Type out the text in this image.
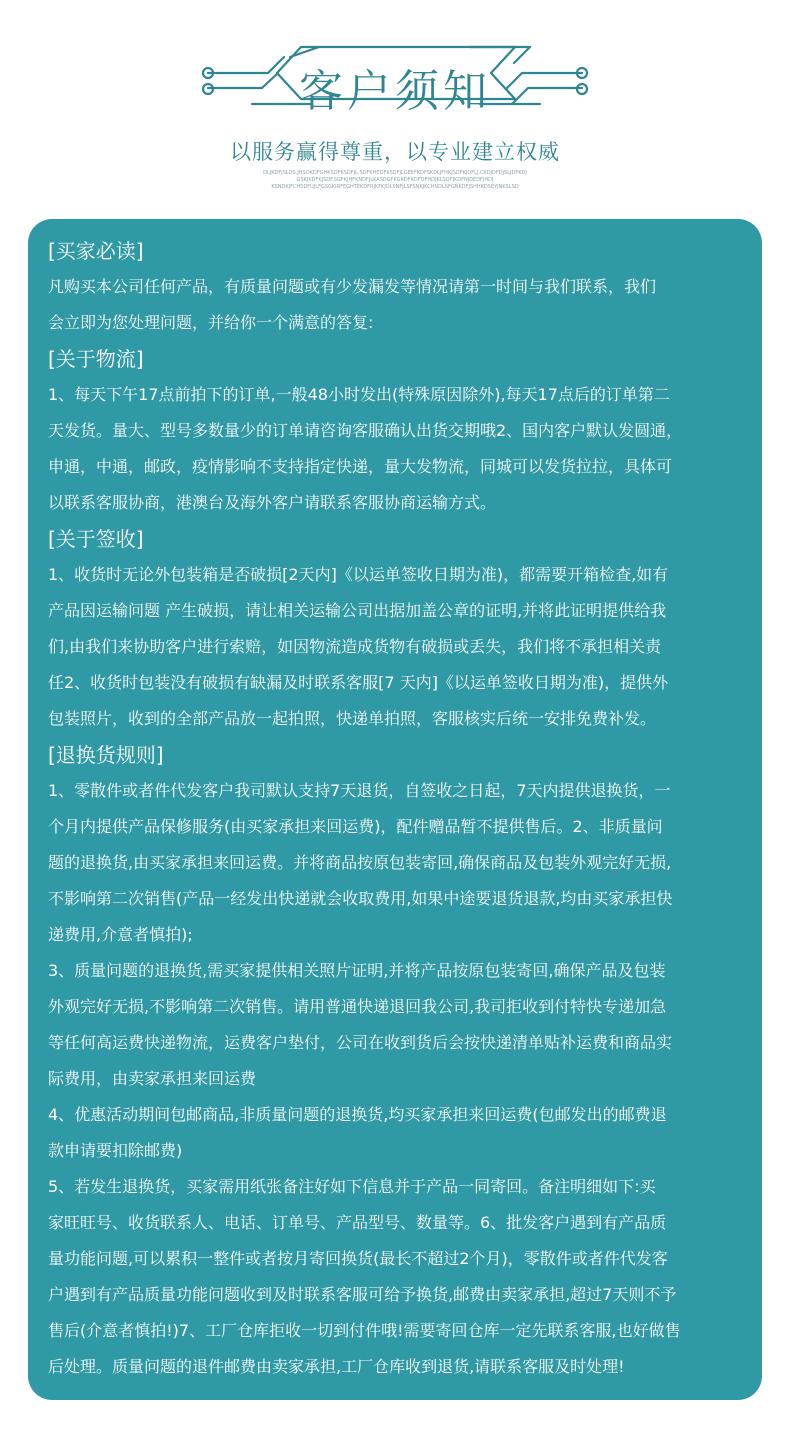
客户须知
以服务赢得尊重，以专业建立权威
DLJKDFJSLDS.JHSOKDFGHKSDFKSDFJL.SDFKHEDFKSDFJLGEEFKDFSKDLJFHKJSDFKJDFLJ.CKDJDFDJSLJDFKDJ
GSKJKDFKJSDF.SGFKJHFKNDFJLKASDGFKGKDFKDFDFHDJKLSOFJKDFNJDEDFJHDJ
KSNDKJFCHSDFUJLFGSGKIRFEGHTEKDFRJKFKJDLSNFJLSFSNKJKCHNDLSFGNKDFJSHHKDSEYJNKSLSD
[买家必读]
凡购买本公司任何产品，有质量问题或有少发漏发等情况请第一时间与我们联系，我们
会立即为您处理问题，并给你一个满意的答复:
[关于物流]
1、每天下午17点前拍下的订单,一般48小时发出(特殊原因除外),每天17点后的订单第二
天发货。量大、型号多数量少的订单请咨询客服确认出货交期哦2、国内客户默认发圆通，
申通，中通，邮政，疫情影响不支持指定快递，量大发物流，同城可以发货拉拉，具体可
以联系客服协商，港澳台及海外客户请联系客服协商运输方式。
[关于签收]
1、收货时无论外包装箱是否破损[2天内]《以运单签收日期为准)，都需要开箱检查,如有
产品因运输问题 产生破损，请让相关运输公司出据加盖公章的证明,并将此证明提供给我
们,由我们来协助客户进行索赔，如因物流造成货物有破损或丢失，我们将不承担相关责
任2、收货时包装没有破损有缺漏及时联系客服[7 天内]《以运单签收日期为准)，提供外
包装照片，收到的全部产品放一起拍照，快递单拍照，客服核实后统一安排免费补发。
[退换货规则]
1、零散件或者件代发客户我司默认支持7天退货，自签收之日起，7天内提供退换货，一
个月内提供产品保修服务(由买家承担来回运费)，配件赠品暂不提供售后。2、非质量问
题的退换货,由买家承担来回运费。并将商品按原包装寄回,确保商品及包装外观完好无损,
不影响第二次销售(产品一经发出快递就会收取费用,如果中途要退货退款,均由买家承担快
递费用,介意者慎拍);
3、质量问题的退换货,需买家提供相关照片证明,并将产品按原包装寄回,确保产品及包装
外观完好无损,不影响第二次销售。请用普通快递退回我公司,我司拒收到付特快专递加急
等任何高运费快递物流，运费客户垫付，公司在收到货后会按快递清单贴补运费和商品实
际费用，由卖家承担来回运费
4、优惠活动期间包邮商品,非质量问题的退换货,均买家承担来回运费(包邮发出的邮费退
款申请要扣除邮费)
5、若发生退换货，买家需用纸张备注好如下信息并于产品一同寄回。备注明细如下:买
家旺旺号、收货联系人、电话、订单号、产品型号、数量等。6、批发客户遇到有产品质
量功能问题,可以累积一整件或者按月寄回换货(最长不超过2个月)，零散件或者件代发客
户遇到有产品质量功能问题收到及时联系客服可给予换货,邮费由卖家承担,超过7天则不予
售后(介意者慎拍!)7、工厂仓库拒收一切到付件哦!需要寄回仓库一定先联系客服,也好做售
后处理。质量问题的退件邮费由卖家承担,工厂仓库收到退货,请联系客服及时处理!
